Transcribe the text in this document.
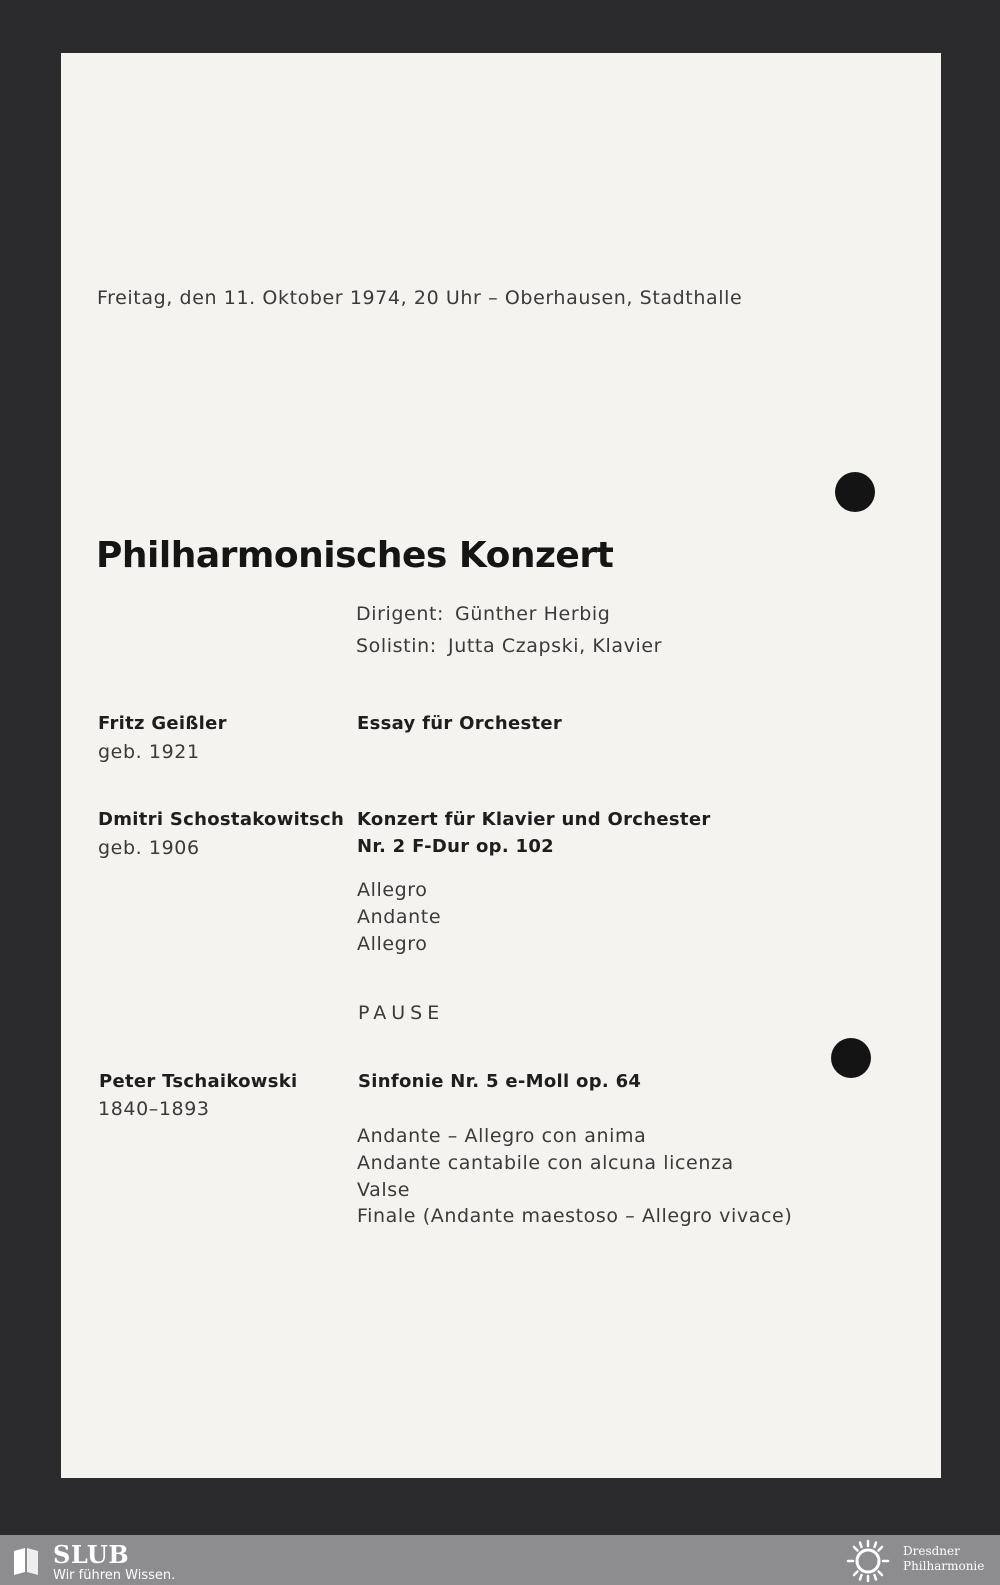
Freitag, den 11. Oktober 1974, 20 Uhr – Oberhausen, Stadthalle
Philharmonisches Konzert
Dirigent: Günther Herbig
Solistin: Jutta Czapski, Klavier
Fritz Geißler
geb. 1921
Essay für Orchester
Dmitri Schostakowitsch
geb. 1906
Konzert für Klavier und Orchester
Nr. 2 F-Dur op. 102
Allegro
Andante
Allegro
PAUSE
Peter Tschaikowski
1840–1893
Sinfonie Nr. 5 e-Moll op. 64
Andante – Allegro con anima
Andante cantabile con alcuna licenza
Valse
Finale (Andante maestoso – Allegro vivace)
SLUB
Wir führen Wissen.
Dresdner
Philharmonie
